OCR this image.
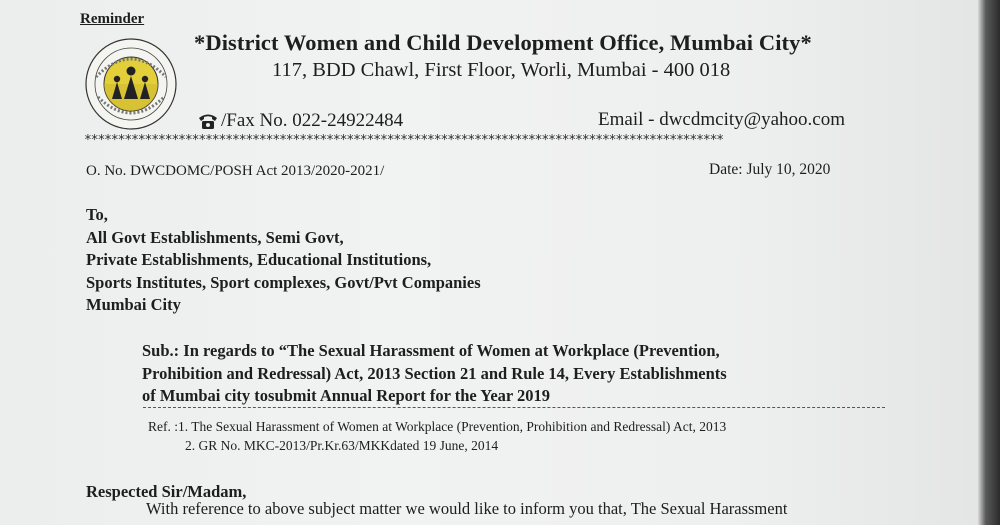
Reminder
*District Women and Child Development Office, Mumbai City*
117, BDD Chawl, First Floor, Worli, Mumbai - 400 018
/Fax No. 022-24922484	Email - dwcdmcity@yahoo.com
***********************************************************************************************
O. No. DWCDOMC/POSH Act 2013/2020-2021/	Date: July 10, 2020
To,
All Govt Establishments, Semi Govt,
Private Establishments, Educational Institutions,
Sports Institutes, Sport complexes, Govt/Pvt Companies
Mumbai City
Sub.: In regards to “The Sexual Harassment of Women at Workplace (Prevention,
Prohibition and Redressal) Act, 2013 Section 21 and Rule 14, Every Establishments
of Mumbai city tosubmit Annual Report for the Year 2019
Ref. :1. The Sexual Harassment of Women at Workplace (Prevention, Prohibition and Redressal) Act, 2013
2. GR No. MKC-2013/Pr.Kr.63/MKKdated 19 June, 2014
Respected Sir/Madam,
With reference to above subject matter we would like to inform you that, The Sexual Harassment
